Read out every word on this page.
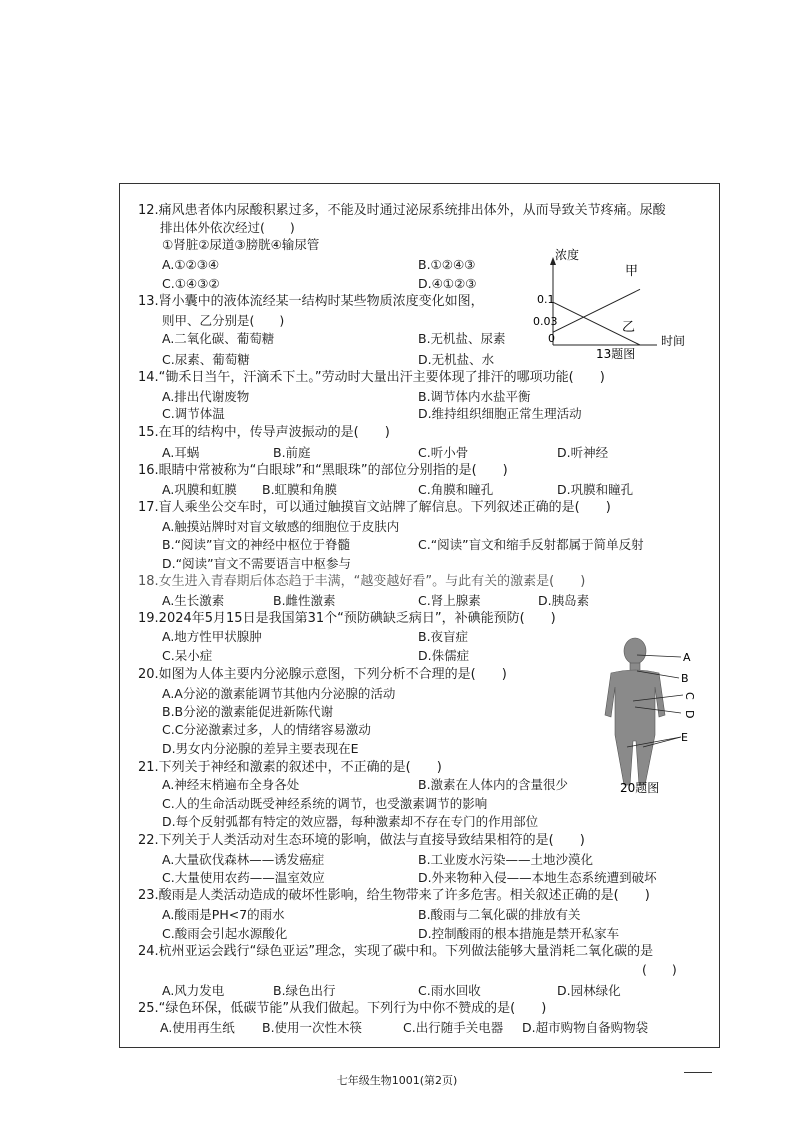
12.痛风患者体内尿酸积累过多，不能及时通过泌尿系统排出体外，从而导致关节疼痛。尿酸
排出体外依次经过(　　)
①肾脏②尿道③膀胱④输尿管
A.①②③④	B.①②④③
C.①④③②	D.④①②③
13.肾小囊中的液体流经某一结构时某些物质浓度变化如图，
则甲、乙分别是(　　)
A.二氧化碳、葡萄糖	B.无机盐、尿素
C.尿素、葡萄糖	D.无机盐、水
浓度
时间
0.1
0.03
0
甲
乙
13题图
14.“锄禾日当午，汗滴禾下土。”劳动时大量出汗主要体现了排汗的哪项功能(　　)
A.排出代谢废物	B.调节体内水盐平衡
C.调节体温	D.维持组织细胞正常生理活动
15.在耳的结构中，传导声波振动的是(　　)
A.耳蜗	B.前庭	C.听小骨	D.听神经
16.眼睛中常被称为“白眼球”和“黑眼珠”的部位分别指的是(　　)
A.巩膜和虹膜 B.虹膜和角膜	C.角膜和瞳孔	D.巩膜和瞳孔
17.盲人乘坐公交车时，可以通过触摸盲文站牌了解信息。下列叙述正确的是(　　)
A.触摸站牌时对盲文敏感的细胞位于皮肤内
B.“阅读”盲文的神经中枢位于脊髓	C.“阅读”盲文和缩手反射都属于简单反射
D.“阅读”盲文不需要语言中枢参与
18.女生进入青春期后体态趋于丰满，“越变越好看”。与此有关的激素是(　　)
A.生长激素	B.雌性激素	C.肾上腺素	D.胰岛素
19.2024年5月15日是我国第31个“预防碘缺乏病日”，补碘能预防(　　)
A.地方性甲状腺肿	B.夜盲症
C.呆小症	D.侏儒症
20.如图为人体主要内分泌腺示意图，下列分析不合理的是(　　)
A.A分泌的激素能调节其他内分泌腺的活动
B.B分泌的激素能促进新陈代谢
C.C分泌激素过多，人的情绪容易激动
D.男女内分泌腺的差异主要表现在E
A
B
C
D
E
20题图
21.下列关于神经和激素的叙述中，不正确的是(　　)
A.神经末梢遍布全身各处	B.激素在人体内的含量很少
C.人的生命活动既受神经系统的调节，也受激素调节的影响
D.每个反射弧都有特定的效应器，每种激素却不存在专门的作用部位
22.下列关于人类活动对生态环境的影响，做法与直接导致结果相符的是(　　)
A.大量砍伐森林——诱发癌症	B.工业废水污染——土地沙漠化
C.大量使用农药——温室效应	D.外来物种入侵——本地生态系统遭到破坏
23.酸雨是人类活动造成的破坏性影响，给生物带来了许多危害。相关叙述正确的是(　　)
A.酸雨是PH<7的雨水	B.酸雨与二氧化碳的排放有关
C.酸雨会引起水源酸化	D.控制酸雨的根本措施是禁开私家车
24.杭州亚运会践行“绿色亚运”理念，实现了碳中和。下列做法能够大量消耗二氧化碳的是
(　　)
A.风力发电	B.绿色出行	C.雨水回收	D.园林绿化
25.“绿色环保，低碳节能”从我们做起。下列行为中你不赞成的是(　　)
A.使用再生纸 B.使用一次性木筷	C.出行随手关电器 D.超市购物自备购物袋
七年级生物1001(第2页)
